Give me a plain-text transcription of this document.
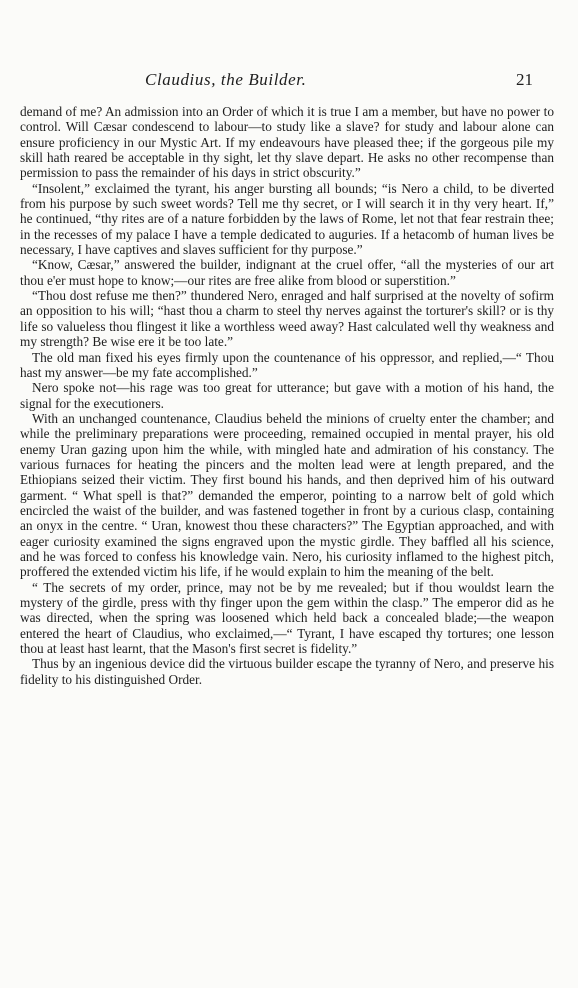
Claudius, the Builder.	21

demand of me? An admission into an Order of which it is true I am a member, but have no power to control. Will Cæsar condescend to labour—to study like a slave? for study and labour alone can ensure proficiency in our Mystic Art. If my endeavours have pleased thee; if the gorgeous pile my skill hath reared be acceptable in thy sight, let thy slave depart. He asks no other recompense than permission to pass the remainder of his days in strict obscurity.”

“Insolent,” exclaimed the tyrant, his anger bursting all bounds; “is Nero a child, to be diverted from his purpose by such sweet words? Tell me thy secret, or I will search it in thy very heart. If,” he continued, “thy rites are of a nature forbidden by the laws of Rome, let not that fear restrain thee; in the recesses of my palace I have a temple dedicated to auguries. If a hetacomb of human lives be necessary, I have captives and slaves sufficient for thy purpose.”

“Know, Cæsar,” answered the builder, indignant at the cruel offer, “all the mysteries of our art thou e'er must hope to know;—our rites are free alike from blood or superstition.”

“Thou dost refuse me then?” thundered Nero, enraged and half surprised at the novelty of sofirm an opposition to his will; “hast thou a charm to steel thy nerves against the torturer's skill? or is thy life so valueless thou flingest it like a worthless weed away? Hast calculated well thy weakness and my strength? Be wise ere it be too late.”

The old man fixed his eyes firmly upon the countenance of his oppressor, and replied,—“ Thou hast my answer—be my fate accomplished.”

Nero spoke not—his rage was too great for utterance; but gave with a motion of his hand, the signal for the executioners.

With an unchanged countenance, Claudius beheld the minions of cruelty enter the chamber; and while the preliminary preparations were proceeding, remained occupied in mental prayer, his old enemy Uran gazing upon him the while, with mingled hate and admiration of his constancy. The various furnaces for heating the pincers and the molten lead were at length prepared, and the Ethiopians seized their victim. They first bound his hands, and then deprived him of his outward garment. “ What spell is that?” demanded the emperor, pointing to a narrow belt of gold which encircled the waist of the builder, and was fastened together in front by a curious clasp, containing an onyx in the centre. “ Uran, knowest thou these characters?” The Egyptian approached, and with eager curiosity examined the signs engraved upon the mystic girdle. They baffled all his science, and he was forced to confess his knowledge vain. Nero, his curiosity inflamed to the highest pitch, proffered the extended victim his life, if he would explain to him the meaning of the belt.

“ The secrets of my order, prince, may not be by me revealed; but if thou wouldst learn the mystery of the girdle, press with thy finger upon the gem within the clasp.” The emperor did as he was directed, when the spring was loosened which held back a concealed blade;—the weapon entered the heart of Claudius, who exclaimed,—“ Tyrant, I have escaped thy tortures; one lesson thou at least hast learnt, that the Mason's first secret is fidelity.”

Thus by an ingenious device did the virtuous builder escape the tyranny of Nero, and preserve his fidelity to his distinguished Order.
